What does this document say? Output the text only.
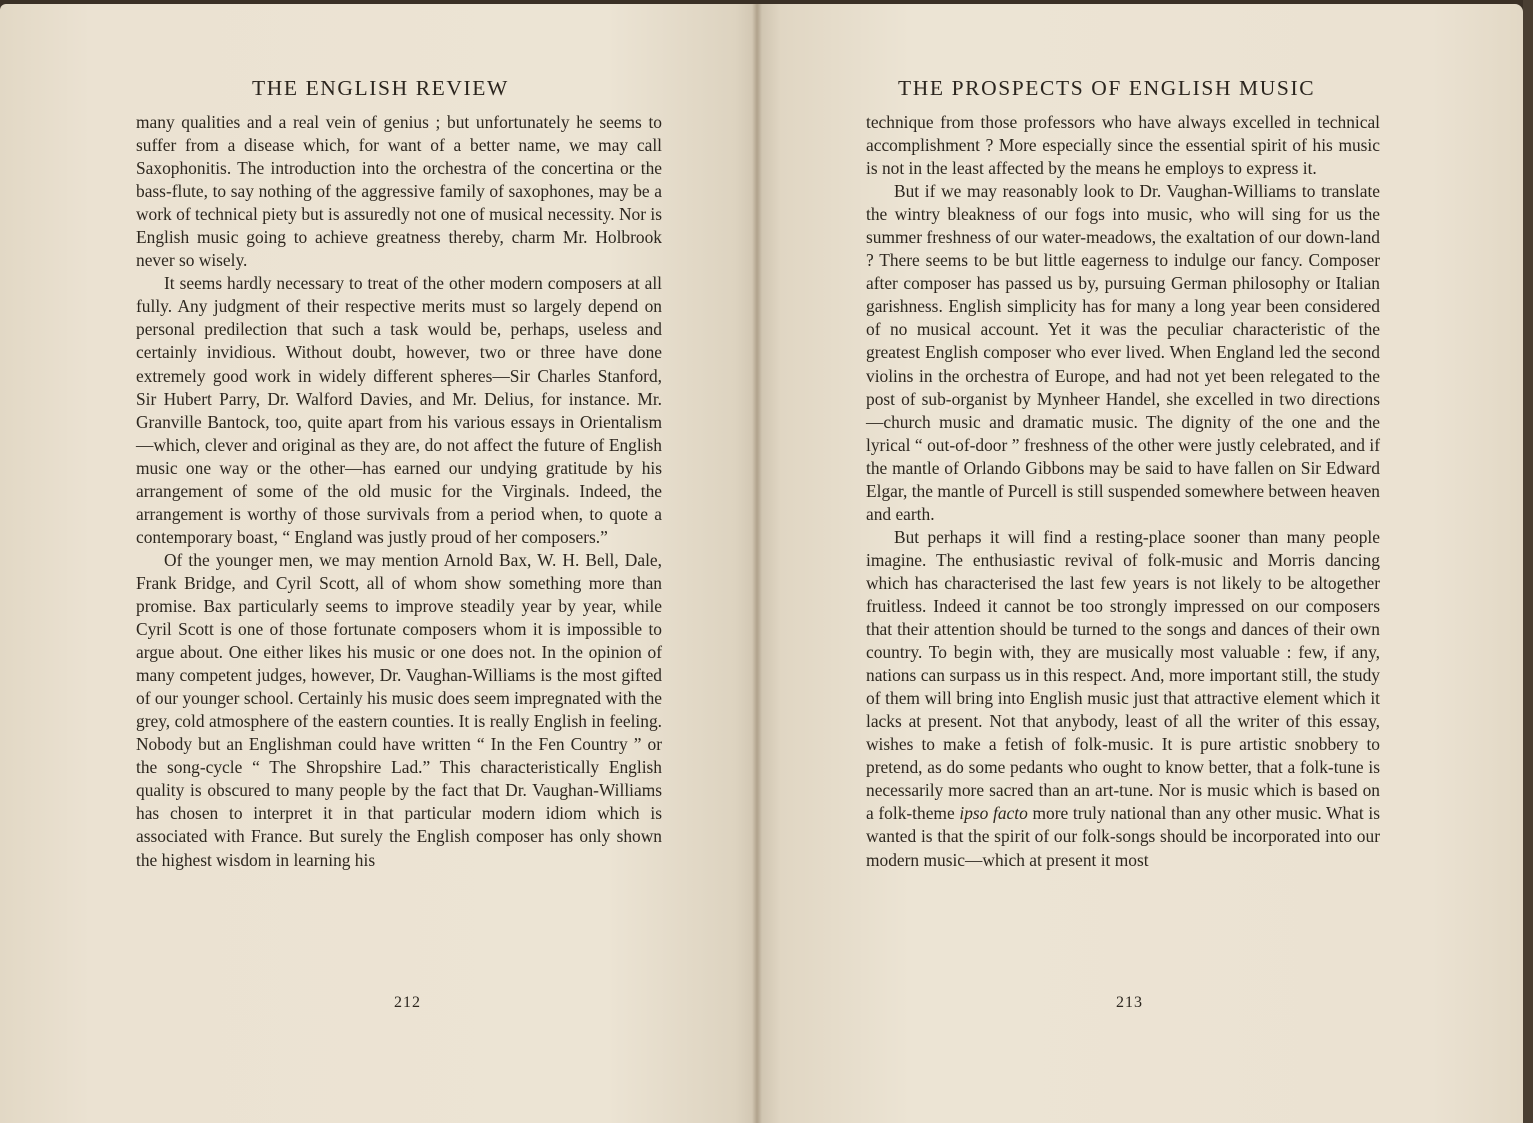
THE ENGLISH REVIEW

many qualities and a real vein of genius ; but unfortunately he seems to suffer from a disease which, for want of a better name, we may call Saxophonitis. The introduction into the orchestra of the concertina or the bass-flute, to say nothing of the aggressive family of saxophones, may be a work of technical piety but is assuredly not one of musical necessity. Nor is English music going to achieve greatness thereby, charm Mr. Holbrook never so wisely.

It seems hardly necessary to treat of the other modern composers at all fully. Any judgment of their respective merits must so largely depend on personal predilection that such a task would be, perhaps, useless and certainly invidious. Without doubt, however, two or three have done extremely good work in widely different spheres—Sir Charles Stanford, Sir Hubert Parry, Dr. Walford Davies, and Mr. Delius, for instance. Mr. Granville Bantock, too, quite apart from his various essays in Orientalism—which, clever and original as they are, do not affect the future of English music one way or the other—has earned our undying gratitude by his arrangement of some of the old music for the Virginals. Indeed, the arrangement is worthy of those survivals from a period when, to quote a contemporary boast, “ England was justly proud of her composers.”

Of the younger men, we may mention Arnold Bax, W. H. Bell, Dale, Frank Bridge, and Cyril Scott, all of whom show something more than promise. Bax particularly seems to improve steadily year by year, while Cyril Scott is one of those fortunate composers whom it is impossible to argue about. One either likes his music or one does not. In the opinion of many competent judges, however, Dr. Vaughan-Williams is the most gifted of our younger school. Certainly his music does seem impregnated with the grey, cold atmosphere of the eastern counties. It is really English in feeling. Nobody but an Englishman could have written “ In the Fen Country ” or the song-cycle “ The Shropshire Lad.” This characteristically English quality is obscured to many people by the fact that Dr. Vaughan-Williams has chosen to interpret it in that particular modern idiom which is associated with France. But surely the English composer has only shown the highest wisdom in learning his

212
THE PROSPECTS OF ENGLISH MUSIC

technique from those professors who have always excelled in technical accomplishment ? More especially since the essential spirit of his music is not in the least affected by the means he employs to express it.

But if we may reasonably look to Dr. Vaughan-Williams to translate the wintry bleakness of our fogs into music, who will sing for us the summer freshness of our water-meadows, the exaltation of our down-land ? There seems to be but little eagerness to indulge our fancy. Composer after composer has passed us by, pursuing German philosophy or Italian garishness. English simplicity has for many a long year been considered of no musical account. Yet it was the peculiar characteristic of the greatest English composer who ever lived. When England led the second violins in the orchestra of Europe, and had not yet been relegated to the post of sub-organist by Mynheer Handel, she excelled in two directions—church music and dramatic music. The dignity of the one and the lyrical “ out-of-door ” freshness of the other were justly celebrated, and if the mantle of Orlando Gibbons may be said to have fallen on Sir Edward Elgar, the mantle of Purcell is still suspended somewhere between heaven and earth.

But perhaps it will find a resting-place sooner than many people imagine. The enthusiastic revival of folk-music and Morris dancing which has characterised the last few years is not likely to be altogether fruitless. Indeed it cannot be too strongly impressed on our composers that their attention should be turned to the songs and dances of their own country. To begin with, they are musically most valuable : few, if any, nations can surpass us in this respect. And, more important still, the study of them will bring into English music just that attractive element which it lacks at present. Not that anybody, least of all the writer of this essay, wishes to make a fetish of folk-music. It is pure artistic snobbery to pretend, as do some pedants who ought to know better, that a folk-tune is necessarily more sacred than an art-tune. Nor is music which is based on a folk-theme ipso facto more truly national than any other music. What is wanted is that the spirit of our folk-songs should be incorporated into our modern music—which at present it most

213
